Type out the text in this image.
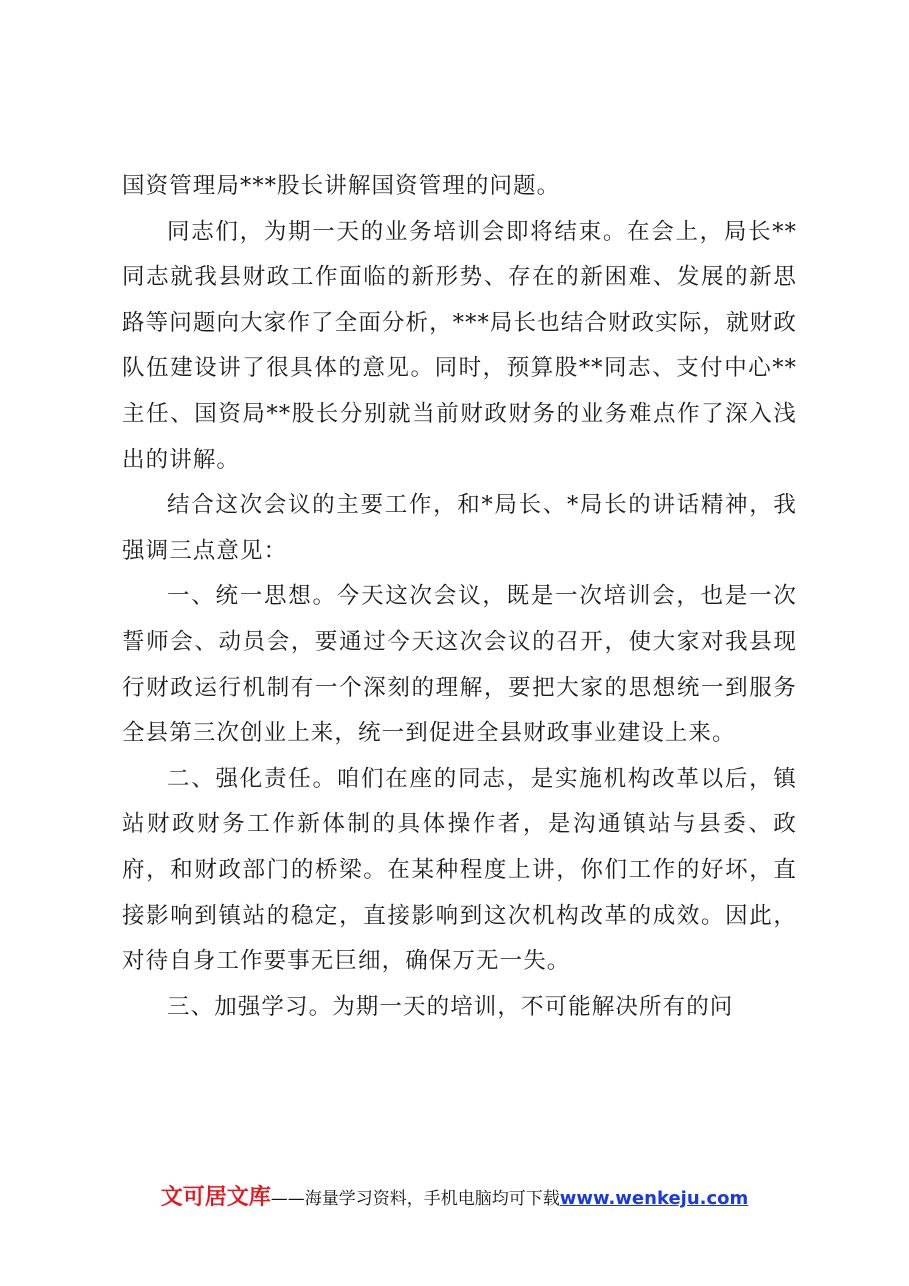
国资管理局***股长讲解国资管理的问题。

同志们，为期一天的业务培训会即将结束。在会上，局长**同志就我县财政工作面临的新形势、存在的新困难、发展的新思路等问题向大家作了全面分析，***局长也结合财政实际，就财政队伍建设讲了很具体的意见。同时，预算股**同志、支付中心**主任、国资局**股长分别就当前财政财务的业务难点作了深入浅出的讲解。

结合这次会议的主要工作，和*局长、*局长的讲话精神，我强调三点意见：

一、统一思想。今天这次会议，既是一次培训会，也是一次誓师会、动员会，要通过今天这次会议的召开，使大家对我县现行财政运行机制有一个深刻的理解，要把大家的思想统一到服务全县第三次创业上来，统一到促进全县财政事业建设上来。

二、强化责任。咱们在座的同志，是实施机构改革以后，镇站财政财务工作新体制的具体操作者，是沟通镇站与县委、政府，和财政部门的桥梁。在某种程度上讲，你们工作的好坏，直接影响到镇站的稳定，直接影响到这次机构改革的成效。因此，对待自身工作要事无巨细，确保万无一失。

三、加强学习。为期一天的培训，不可能解决所有的问

文可居文库——海量学习资料，手机电脑均可下载www.wenkeju.com
